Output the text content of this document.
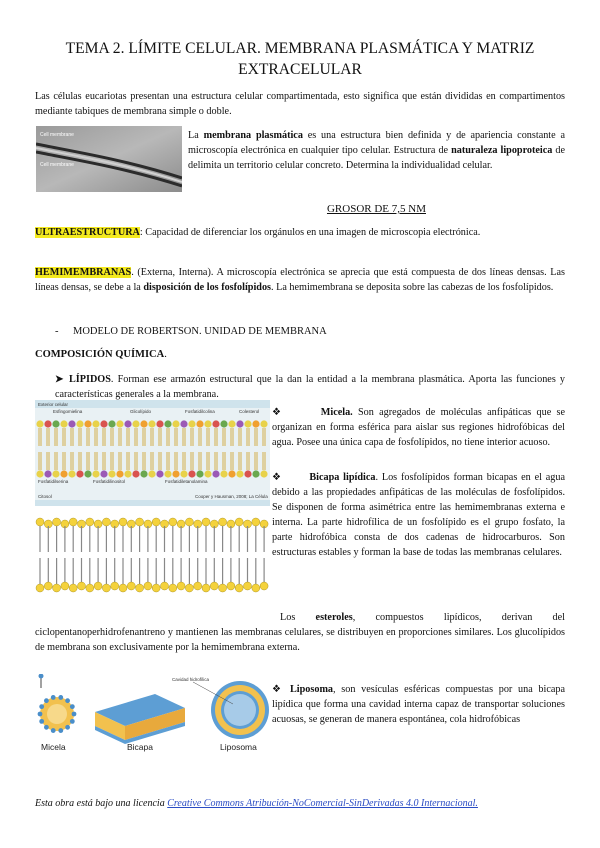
TEMA 2. LÍMITE CELULAR. MEMBRANA PLASMÁTICA Y MATRIZ EXTRACELULAR
Las células eucariotas presentan una estructura celular compartimentada, esto significa que están divididas en compartimentos mediante tabiques de membrana simple o doble.
Cell membrane
Cell membrane
La membrana plasmática es una estructura bien definida y de apariencia constante a microscopía electrónica en cualquier tipo celular. Estructura de naturaleza lipoproteica de delimita un territorio celular concreto. Determina la individualidad celular.
GROSOR DE 7,5 NM
ULTRAESTRUCTURA: Capacidad de diferenciar los orgánulos en una imagen de microscopia electrónica.
HEMIMEMBRANAS. (Externa, Interna). A microscopía electrónica se aprecia que está compuesta de dos líneas densas. Las líneas densas, se debe a la disposición de los fosfolípidos. La hemimembrana se deposita sobre las cabezas de los fosfolípidos.
- MODELO DE ROBERTSON. UNIDAD DE MEMBRANA
COMPOSICIÓN QUÍMICA.
➤ LÍPIDOS. Forman ese armazón estructural que la dan la entidad a la membrana plasmática. Aporta las funciones y características generales a la membrana.
Exterior celular
Esfingomielina	Glicolípido	Fosfatidilcolina	Colesterol
Fosfatidilserina	Fosfatidilinositol	Fosfatidiletanolamina
Citosol	Cooper y Hausman, 2008; La Célula
❖	Micela. Son agregados de moléculas anfipáticas que se organizan en forma esférica para aislar sus regiones hidrofóbicas del agua. Posee una única capa de fosfolípidos, no tiene interior acuoso.
❖	Bicapa lipídica. Los fosfolípidos forman bicapas en el agua debido a las propiedades anfipáticas de las moléculas de fosfolípidos. Se disponen de forma asimétrica entre las hemimembranas externa e interna. La parte hidrofílica de un fosfolípido es el grupo fosfato, la parte hidrofóbica consta de dos cadenas de hidrocarburos. Son estructuras estables y forman la base de todas las membranas celulares.
Los esteroles, compuestos lipídicos, derivan del ciclopentanoperhidrofenantreno y mantienen las membranas celulares, se distribuyen en proporciones similares. Los glucolípidos de membrana son exclusivamente por la hemimembrana externa.
Cavidad hidrofílica
Micela	Bicapa	Liposoma
❖ Liposoma, son vesículas esféricas compuestas por una bicapa lipídica que forma una cavidad interna capaz de transportar soluciones acuosas, se generan de manera espontánea, cola hidrofóbicas
Esta obra está bajo una licencia Creative Commons Atribución-NoComercial-SinDerivadas 4.0 Internacional.
